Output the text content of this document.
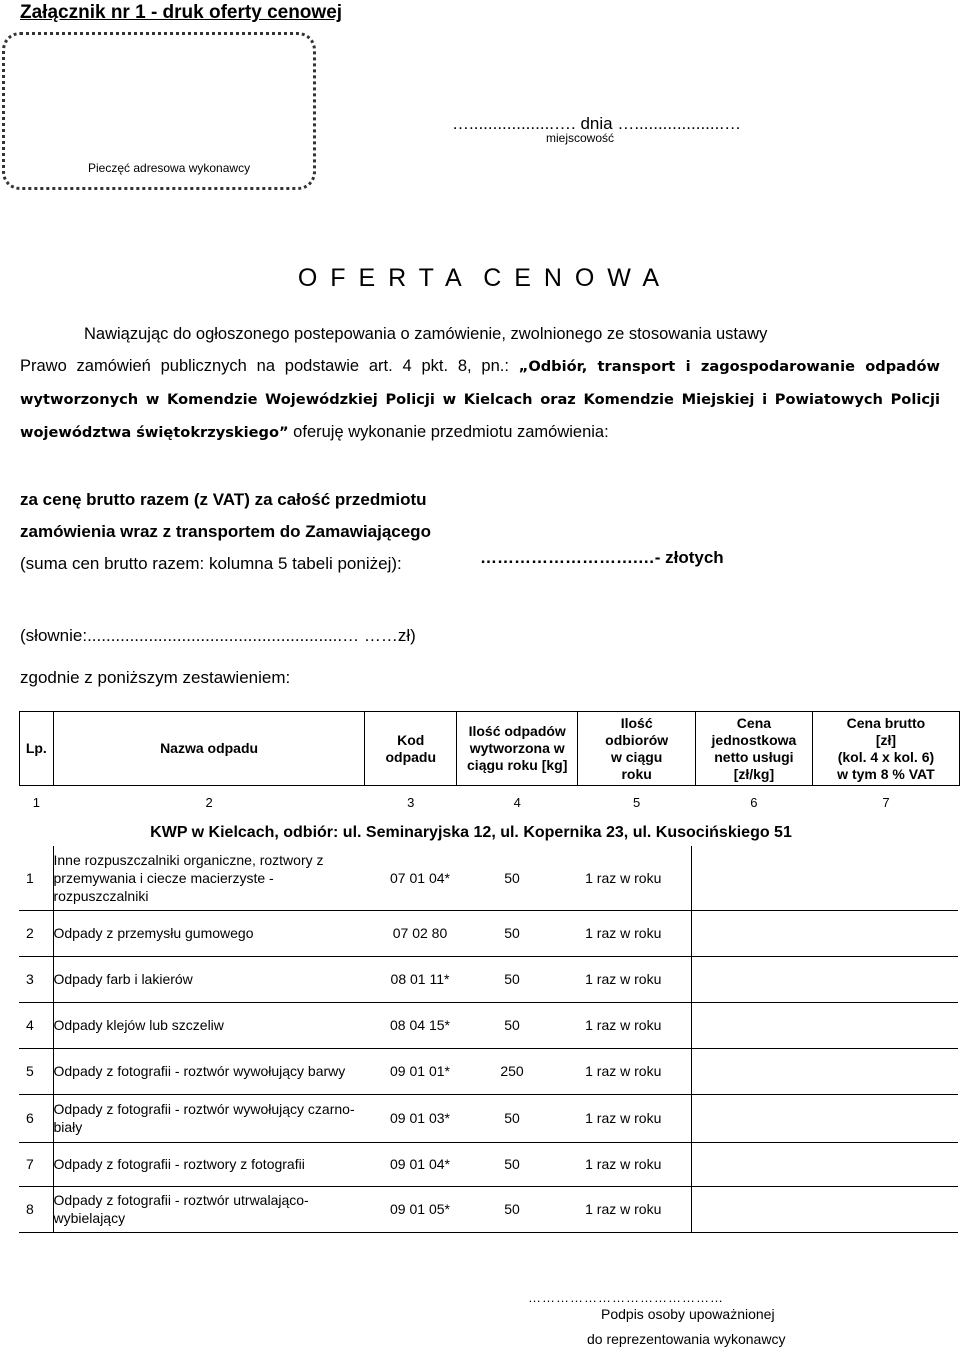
Załącznik nr 1 - druk oferty cenowej
Pieczęć adresowa wykonawcy
…..................…. dnia …...................…
miejscowość
O F E R T A  C E N O W A
Nawiązując do ogłoszonego postepowania o zamówienie, zwolnionego ze stosowania ustawy
Prawo zamówień publicznych na podstawie art. 4 pkt. 8, pn.: „Odbiór, transport i zagospodarowanie odpadów wytworzonych w Komendzie Wojewódzkiej Policji w Kielcach oraz Komendzie Miejskiej i Powiatowych Policji województwa świętokrzyskiego” oferuję wykonanie przedmiotu zamówienia:
za cenę brutto razem (z VAT) za całość przedmiotu
zamówienia wraz z transportem do Zamawiającego
(suma cen brutto razem: kolumna 5 tabeli poniżej):	……………………….…- złotych
(słownie:......................................................… ……zł)
zgodnie z poniższym zestawieniem:
Lp.	Nazwa odpadu	Kod odpadu	Ilość odpadów wytworzona w ciągu roku [kg]	Ilość odbiorów w ciągu roku	Cena jednostkowa netto usługi [zł/kg]	Cena brutto
[zł]
(kol. 4 x kol. 6)
w tym 8 % VAT

1	2	3	4	5	6	7
	KWP w Kielcach, odbiór: ul. Seminaryjska 12, ul. Kopernika 23, ul. Kusocińskiego 51					
1	Inne rozpuszczalniki organiczne, roztwory z przemywania i ciecze macierzyste - rozpuszczalniki	07 01 04*	50	1 raz w roku		
2	Odpady z przemysłu gumowego	07 02 80	50	1 raz w roku		
3	Odpady farb i lakierów	08 01 11*	50	1 raz w roku		
4	Odpady klejów lub szczeliw	08 04 15*	50	1 raz w roku		
5	Odpady z fotografii - roztwór wywołujący barwy	09 01 01*	250	1 raz w roku		
6	Odpady z fotografii - roztwór wywołujący czarno-biały	09 01 03*	50	1 raz w roku		
7	Odpady z fotografii - roztwory z fotografii	09 01 04*	50	1 raz w roku		
8	Odpady z fotografii - roztwór utrwalająco-wybielający	09 01 05*	50	1 raz w roku		
……………………………………
Podpis osoby upoważnionej
do reprezentowania wykonawcy
